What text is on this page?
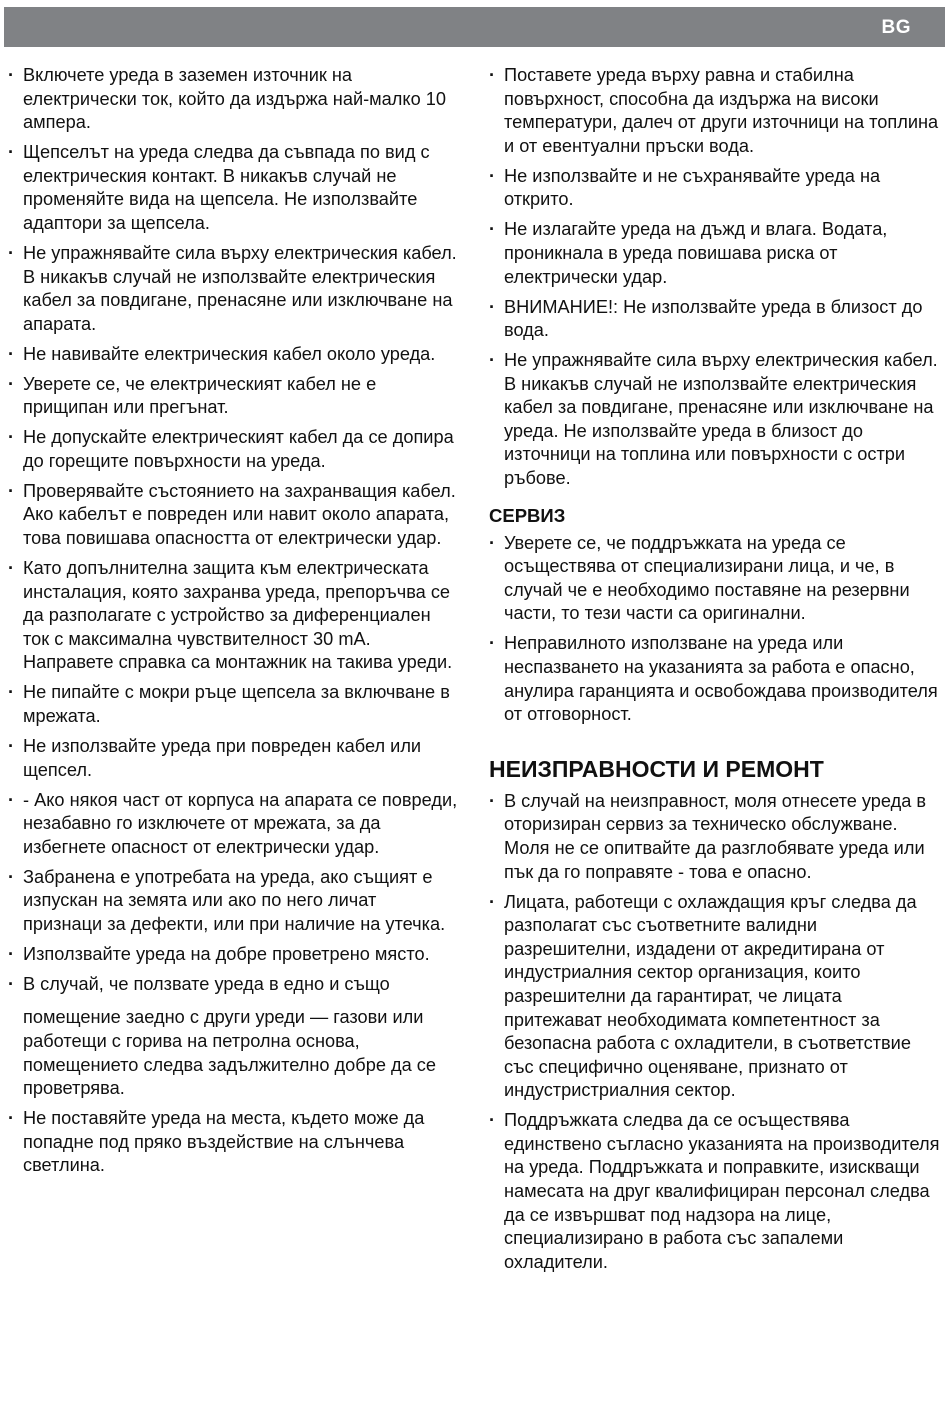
BG
· Включете уреда в заземен източник на електрически ток, който да издържа най-малко 10 ампера.
· Щепселът на уреда следва да съвпада по вид с електрическия контакт. В никакъв случай не променяйте вида на щепсела. Не използвайте адаптори за щепсела.
· Не упражнявайте сила върху електрическия кабел. В никакъв случай не използвайте електрическия кабел за повдигане, пренасяне или изключване на апарата.
· Не навивайте електрическия кабел около уреда.
· Уверете се, че електрическият кабел не е прищипан или прегънат.
· Не допускайте електрическият кабел да се допира до горещите повърхности на уреда.
· Проверявайте състоянието на захранващия кабел. Ако кабелът е повреден или навит около апарата, това повишава опасността от електрически удар.
· Като допълнителна защита към електрическата инсталация, която захранва уреда, препоръчва се да разполагате с устройство за диференциален ток с максимална чувствителност 30 mA. Направете справка са монтажник на такива уреди.
· Не пипайте с мокри ръце щепсела за включване в мрежата.
· Не използвайте уреда при повреден кабел или щепсел.
· - Ако някоя част от корпуса на апарата се повреди, незабавно го изключете от мрежата, за да избегнете опасност от електрически удар.
· Забранена е употребата на уреда, ако същият е изпускан на земята или ако по него личат признаци за дефекти, или при наличие на утечка.
· Използвайте уреда на добре проветрено място.
· В случай, че ползвате уреда в едно и също
помещение заедно с други уреди — газови или работещи с горива на петролна основа, помещението следва задължително добре да се проветрява.
· Не поставяйте уреда на места, където може да попадне под пряко въздействие на слънчева светлина.
· Поставете уреда върху равна и стабилна повърхност, способна да издържа на високи температури, далеч от други източници на топлина и от евентуални пръски вода.
· Не използвайте и не съхранявайте уреда на открито.
· Не излагайте уреда на дъжд и влага. Водата, проникнала в уреда повишава риска от електрически удар.
· ВНИМАНИЕ!: Не използвайте уреда в близост до вода.
· Не упражнявайте сила върху електрическия кабел. В никакъв случай не използвайте електрическия кабел за повдигане, пренасяне или изключване на уреда. Не използвайте уреда в близост до източници на топлина или повърхности с остри ръбове.
СЕРВИЗ
· Уверете се, че поддръжката на уреда се осъществява от специализирани лица, и че, в случай че е необходимо поставяне на резервни части, то тези части са оригинални.
· Неправилното използване на уреда или неспазването на указанията за работа е опасно, анулира гаранцията и освобождава производителя от отговорност.
НЕИЗПРАВНОСТИ И РЕМОНТ
· В случай на неизправност, моля отнесете уреда в оторизиран сервиз за техническо обслужване. Моля не се опитвайте да разглобявате уреда или пък да го поправяте - това е опасно.
· Лицата, работещи с охлаждащия кръг следва да разполагат със съответните валидни разрешителни, издадени от акредитирана от индустриалния сектор организация, които разрешителни да гарантират, че лицата притежават необходимата компетентност за безопасна работа с охладители, в съответствие със специфично оценяване, признато от индустристриалния сектор.
· Поддръжката следва да се осъществява единствено съгласно указанията на производителя на уреда. Поддръжката и поправките, изискващи намесата на друг квалифициран персонал следва да се извършват под надзора на лице, специализирано в работа със запалеми охладители.
